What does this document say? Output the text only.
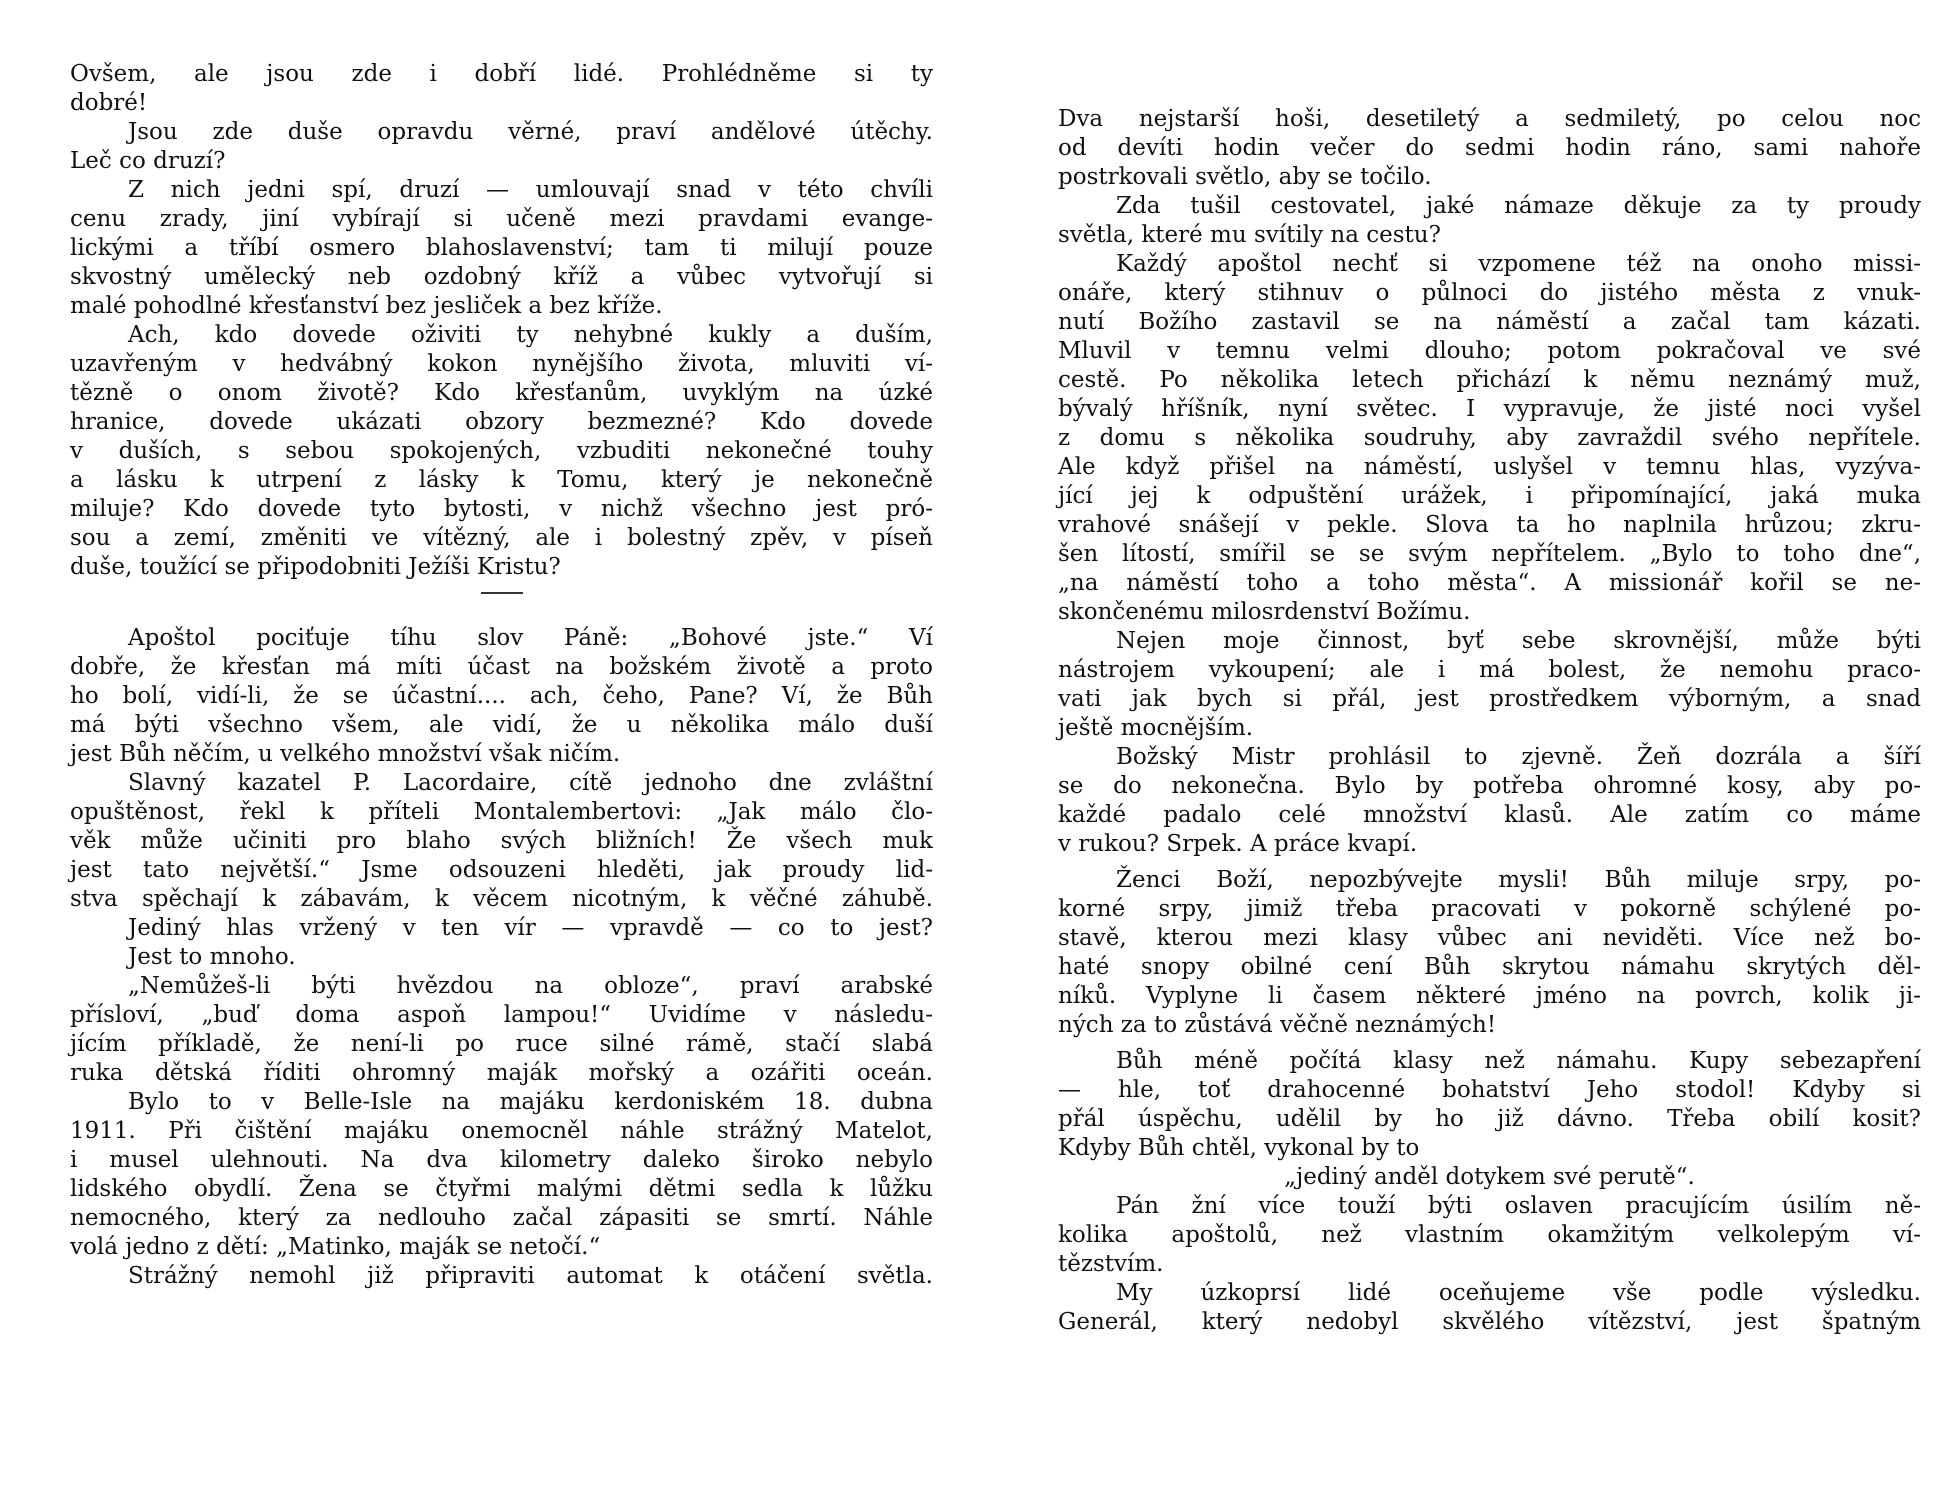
Ovšem, ale jsou zde i dobří lidé. Prohlédněme si ty
dobré!
Jsou zde duše opravdu věrné, praví andělové útěchy.
Leč co druzí?
Z nich jedni spí, druzí — umlouvají snad v této chvíli
cenu zrady, jiní vybírají si učeně mezi pravdami evange-
lickými a tříbí osmero blahoslavenství; tam ti milují pouze
skvostný umělecký neb ozdobný kříž a vůbec vytvořují si
malé pohodlné křesťanství bez jesliček a bez kříže.
Ach, kdo dovede oživiti ty nehybné kukly a duším,
uzavřeným v hedvábný kokon nynějšího života, mluviti ví-
tězně o onom životě? Kdo křesťanům, uvyklým na úzké
hranice, dovede ukázati obzory bezmezné? Kdo dovede
v duších, s sebou spokojených, vzbuditi nekonečné touhy
a lásku k utrpení z lásky k Tomu, který je nekonečně
miluje? Kdo dovede tyto bytosti, v nichž všechno jest pró-
sou a zemí, změniti ve vítězný, ale i bolestný zpěv, v píseň
duše, toužící se připodobniti Ježíši Kristu?
Apoštol pociťuje tíhu slov Páně: „Bohové jste.“ Ví
dobře, že křesťan má míti účast na božském životě a proto
ho bolí, vidí-li, že se účastní.... ach, čeho, Pane? Ví, že Bůh
má býti všechno všem, ale vidí, že u několika málo duší
jest Bůh něčím, u velkého množství však ničím.
Slavný kazatel P. Lacordaire, cítě jednoho dne zvláštní
opuštěnost, řekl k příteli Montalembertovi: „Jak málo člo-
věk může učiniti pro blaho svých bližních! Že všech muk
jest tato největší.“ Jsme odsouzeni hleděti, jak proudy lid-
stva spěchají k zábavám, k věcem nicotným, k věčné záhubě.
Jediný hlas vržený v ten vír — vpravdě — co to jest?
Jest to mnoho.
„Nemůžeš-li býti hvězdou na obloze“, praví arabské
přísloví, „buď doma aspoň lampou!“ Uvidíme v následu-
jícím příkladě, že není-li po ruce silné rámě, stačí slabá
ruka dětská říditi ohromný maják mořský a ozářiti oceán.
Bylo to v Belle-Isle na majáku kerdoniském 18. dubna
1911. Při čištění majáku onemocněl náhle strážný Matelot,
i musel ulehnouti. Na dva kilometry daleko široko nebylo
lidského obydlí. Žena se čtyřmi malými dětmi sedla k lůžku
nemocného, který za nedlouho začal zápasiti se smrtí. Náhle
volá jedno z dětí: „Matinko, maják se netočí.“
Strážný nemohl již připraviti automat k otáčení světla.
Dva nejstarší hoši, desetiletý a sedmiletý, po celou noc
od devíti hodin večer do sedmi hodin ráno, sami nahoře
postrkovali světlo, aby se točilo.
Zda tušil cestovatel, jaké námaze děkuje za ty proudy
světla, které mu svítily na cestu?
Každý apoštol nechť si vzpomene též na onoho missi-
onáře, který stihnuv o půlnoci do jistého města z vnuk-
nutí Božího zastavil se na náměstí a začal tam kázati.
Mluvil v temnu velmi dlouho; potom pokračoval ve své
cestě. Po několika letech přichází k němu neznámý muž,
bývalý hříšník, nyní světec. I vypravuje, že jisté noci vyšel
z domu s několika soudruhy, aby zavraždil svého nepřítele.
Ale když přišel na náměstí, uslyšel v temnu hlas, vyzýva-
jící jej k odpuštění urážek, i připomínající, jaká muka
vrahové snášejí v pekle. Slova ta ho naplnila hrůzou; zkru-
šen lítostí, smířil se se svým nepřítelem. „Bylo to toho dne“,
„na náměstí toho a toho města“. A missionář kořil se ne-
skončenému milosrdenství Božímu.
Nejen moje činnost, byť sebe skrovnější, může býti
nástrojem vykoupení; ale i má bolest, že nemohu praco-
vati jak bych si přál, jest prostředkem výborným, a snad
ještě mocnějším.
Božský Mistr prohlásil to zjevně. Žeň dozrála a šíří
se do nekonečna. Bylo by potřeba ohromné kosy, aby po-
každé padalo celé množství klasů. Ale zatím co máme
v rukou? Srpek. A práce kvapí.
Ženci Boží, nepozbývejte mysli! Bůh miluje srpy, po-
korné srpy, jimiž třeba pracovati v pokorně schýlené po-
stavě, kterou mezi klasy vůbec ani neviděti. Více než bo-
haté snopy obilné cení Bůh skrytou námahu skrytých děl-
níků. Vyplyne li časem některé jméno na povrch, kolik ji-
ných za to zůstává věčně neznámých!
Bůh méně počítá klasy než námahu. Kupy sebezapření
— hle, toť drahocenné bohatství Jeho stodol! Kdyby si
přál úspěchu, udělil by ho již dávno. Třeba obilí kosit?
Kdyby Bůh chtěl, vykonal by to
„jediný anděl dotykem své perutě“.
Pán žní více touží býti oslaven pracujícím úsilím ně-
kolika apoštolů, než vlastním okamžitým velkolepým ví-
tězstvím.
My úzkoprsí lidé oceňujeme vše podle výsledku.
Generál, který nedobyl skvělého vítězství, jest špatným
